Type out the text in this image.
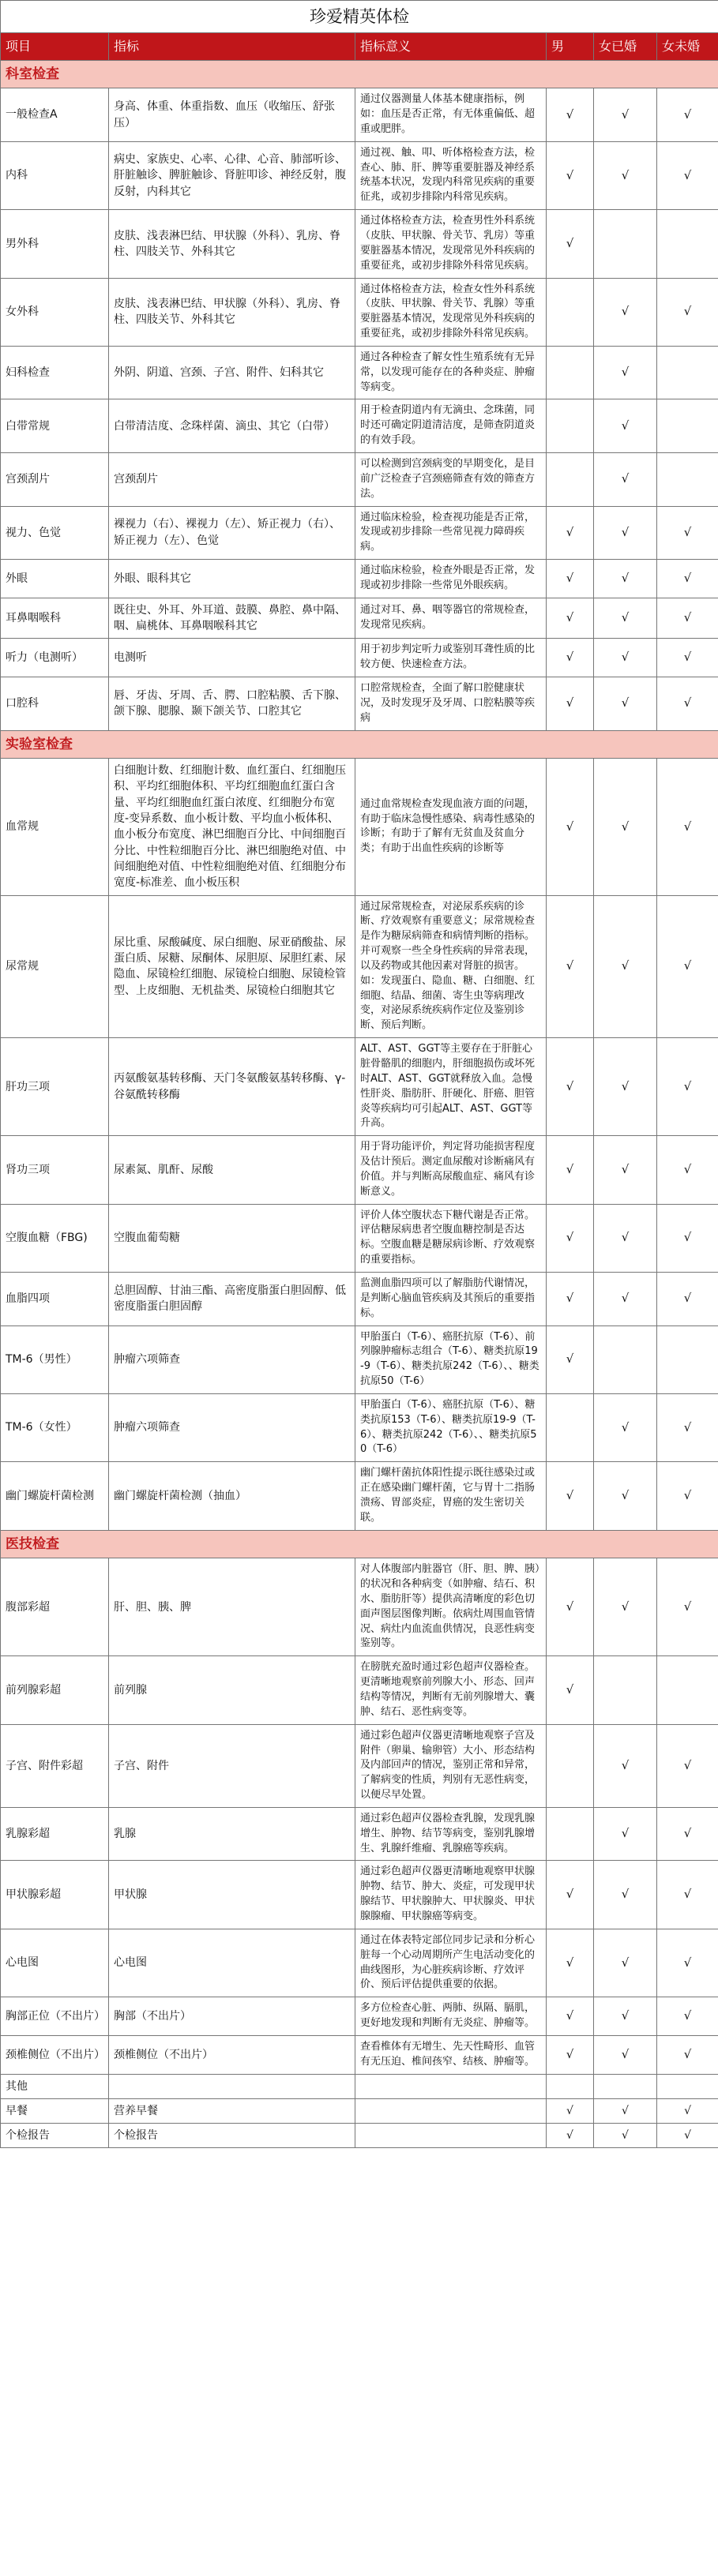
珍爱精英体检					
项目	指标	指标意义	男	女已婚	女未婚
科室检查					
一般检查A	身高、体重、体重指数、血压（收缩压、舒张压）	通过仪器测量人体基本健康指标，例如：血压是否正常，有无体重偏低、超重或肥胖。	√	√	√
内科	病史、家族史、心率、心律、心音、肺部听诊、肝脏触诊、脾脏触诊、肾脏叩诊、神经反射，腹反射，内科其它	通过视、触、叩、听体格检查方法，检查心、肺、肝、脾等重要脏器及神经系统基本状况，发现内科常见疾病的重要征兆，或初步排除内科常见疾病。	√	√	√
男外科	皮肤、浅表淋巴结、甲状腺（外科）、乳房、脊柱、四肢关节、外科其它	通过体格检查方法，检查男性外科系统（皮肤、甲状腺、骨关节、乳房）等重要脏器基本情况，发现常见外科疾病的重要征兆，或初步排除外科常见疾病。	√		
女外科	皮肤、浅表淋巴结、甲状腺（外科）、乳房、脊柱、四肢关节、外科其它	通过体格检查方法，检查女性外科系统（皮肤、甲状腺、骨关节、乳腺）等重要脏器基本情况，发现常见外科疾病的重要征兆，或初步排除外科常见疾病。		√	√
妇科检查	外阴、阴道、宫颈、子宫、附件、妇科其它	通过各种检查了解女性生殖系统有无异常，以发现可能存在的各种炎症、肿瘤等病变。		√	
白带常规	白带清洁度、念珠样菌、滴虫、其它（白带）	用于检查阴道内有无滴虫、念珠菌，同时还可确定阴道清洁度，是筛查阴道炎的有效手段。		√	
宫颈刮片	宫颈刮片	可以检测到宫颈病变的早期变化，是目前广泛检查子宫颈癌筛查有效的筛查方法。		√	
视力、色觉	裸视力（右）、裸视力（左）、矫正视力（右）、矫正视力（左）、色觉	通过临床检验，检查视功能是否正常，发现或初步排除一些常见视力障碍疾病。	√	√	√
外眼	外眼、眼科其它	通过临床检验，检查外眼是否正常，发现或初步排除一些常见外眼疾病。	√	√	√
耳鼻咽喉科	既往史、外耳、外耳道、鼓膜、鼻腔、鼻中隔、咽、扁桃体、耳鼻咽喉科其它	通过对耳、鼻、咽等器官的常规检查，发现常见疾病。	√	√	√
听力（电测听）	电测听	用于初步判定听力或鉴别耳聋性质的比较方便、快速检查方法。	√	√	√
口腔科	唇、牙齿、牙周、舌、腭、口腔粘膜、舌下腺、颌下腺、腮腺、颞下颌关节、口腔其它	口腔常规检查，全面了解口腔健康状况，及时发现牙及牙周、口腔粘膜等疾病	√	√	√
实验室检查					
血常规	白细胞计数、红细胞计数、血红蛋白、红细胞压积、平均红细胞体积、平均红细胞血红蛋白含量、平均红细胞血红蛋白浓度、红细胞分布宽度-变异系数、血小板计数、平均血小板体积、血小板分布宽度、淋巴细胞百分比、中间细胞百分比、中性粒细胞百分比、淋巴细胞绝对值、中间细胞绝对值、中性粒细胞绝对值、红细胞分布宽度-标准差、血小板压积	通过血常规检查发现血液方面的问题，有助于临床急慢性感染、病毒性感染的诊断；有助于了解有无贫血及贫血分类；有助于出血性疾病的诊断等	√	√	√
尿常规	尿比重、尿酸碱度、尿白细胞、尿亚硝酸盐、尿蛋白质、尿糖、尿酮体、尿胆原、尿胆红素、尿隐血、尿镜检红细胞、尿镜检白细胞、尿镜检管型、上皮细胞、无机盐类、尿镜检白细胞其它	通过尿常规检查，对泌尿系疾病的诊断、疗效观察有重要意义；尿常规检查是作为糖尿病筛查和病情判断的指标。并可观察一些全身性疾病的异常表现，以及药物或其他因素对肾脏的损害。如：发现蛋白、隐血、糖、白细胞、红细胞、结晶、细菌、寄生虫等病理改变，对泌尿系统疾病作定位及鉴别诊断、预后判断。	√	√	√
肝功三项	丙氨酸氨基转移酶、天门冬氨酸氨基转移酶、γ-谷氨酰转移酶	ALT、AST、GGT等主要存在于肝脏心脏骨骼肌的细胞内，肝细胞损伤或坏死时ALT、AST、GGT就释放入血。急慢性肝炎、脂肪肝、肝硬化、肝癌、胆管炎等疾病均可引起ALT、AST、GGT等升高。	√	√	√
肾功三项	尿素氮、肌酐、尿酸	用于肾功能评价，判定肾功能损害程度及估计预后。测定血尿酸对诊断痛风有价值。并与判断高尿酸血症、痛风有诊断意义。	√	√	√
空腹血糖（FBG)	空腹血葡萄糖	评价人体空腹状态下糖代谢是否正常。评估糖尿病患者空腹血糖控制是否达标。空腹血糖是糖尿病诊断、疗效观察的重要指标。	√	√	√
血脂四项	总胆固醇、甘油三酯、高密度脂蛋白胆固醇、低密度脂蛋白胆固醇	监测血脂四项可以了解脂肪代谢情况，是判断心脑血管疾病及其预后的重要指标。	√	√	√
TM-6（男性）	肿瘤六项筛查	甲胎蛋白（T-6）、癌胚抗原（T-6）、前列腺肿瘤标志组合（T-6）、糖类抗原19-9（T-6）、糖类抗原242（T-6）、、糖类抗原50（T-6）	√		
TM-6（女性）	肿瘤六项筛查	甲胎蛋白（T-6）、癌胚抗原（T-6）、糖类抗原153（T-6）、糖类抗原19-9（T-6）、糖类抗原242（T-6）、、糖类抗原50（T-6）		√	√
幽门螺旋杆菌检测	幽门螺旋杆菌检测（抽血）	幽门螺杆菌抗体阳性提示既往感染过或正在感染幽门螺杆菌，它与胃十二指肠溃疡、胃部炎症，胃癌的发生密切关联。	√	√	√
医技检查					
腹部彩超	肝、胆、胰、脾	对人体腹部内脏器官（肝、胆、脾、胰）的状况和各种病变（如肿瘤、结石、积水、脂肪肝等）提供高清晰度的彩色切面声图层图像判断。依病灶周围血管情况、病灶内血流血供情况，良恶性病变鉴别等。	√	√	√
前列腺彩超	前列腺	在膀胱充盈时通过彩色超声仪器检查。更清晰地观察前列腺大小、形态、回声结构等情况，判断有无前列腺增大、囊肿、结石、恶性病变等。	√		
子宫、附件彩超	子宫、附件	通过彩色超声仪器更清晰地观察子宫及附件（卵巢、输卵管）大小、形态结构及内部回声的情况，鉴别正常和异常，了解病变的性质，判别有无恶性病变，以便尽早处置。		√	√
乳腺彩超	乳腺	通过彩色超声仪器检查乳腺，发现乳腺增生、肿物、结节等病变，鉴别乳腺增生、乳腺纤维瘤、乳腺癌等疾病。		√	√
甲状腺彩超	甲状腺	通过彩色超声仪器更清晰地观察甲状腺肿物、结节、肿大、炎症，可发现甲状腺结节、甲状腺肿大、甲状腺炎、甲状腺腺瘤、甲状腺癌等病变。	√	√	√
心电图	心电图	通过在体表特定部位同步记录和分析心脏每一个心动周期所产生电活动变化的曲线图形，为心脏疾病诊断、疗效评价、预后评估提供重要的依据。	√	√	√
胸部正位（不出片）	胸部（不出片）	多方位检查心脏、两肺、纵隔、膈肌，更好地发现和判断有无炎症、肿瘤等。	√	√	√
颈椎侧位（不出片）	颈椎侧位（不出片）	查看椎体有无增生、先天性畸形、血管有无压迫、椎间孩窄、结核、肿瘤等。	√	√	√
其他					
早餐	营养早餐		√	√	√
个检报告	个检报告		√	√	√
